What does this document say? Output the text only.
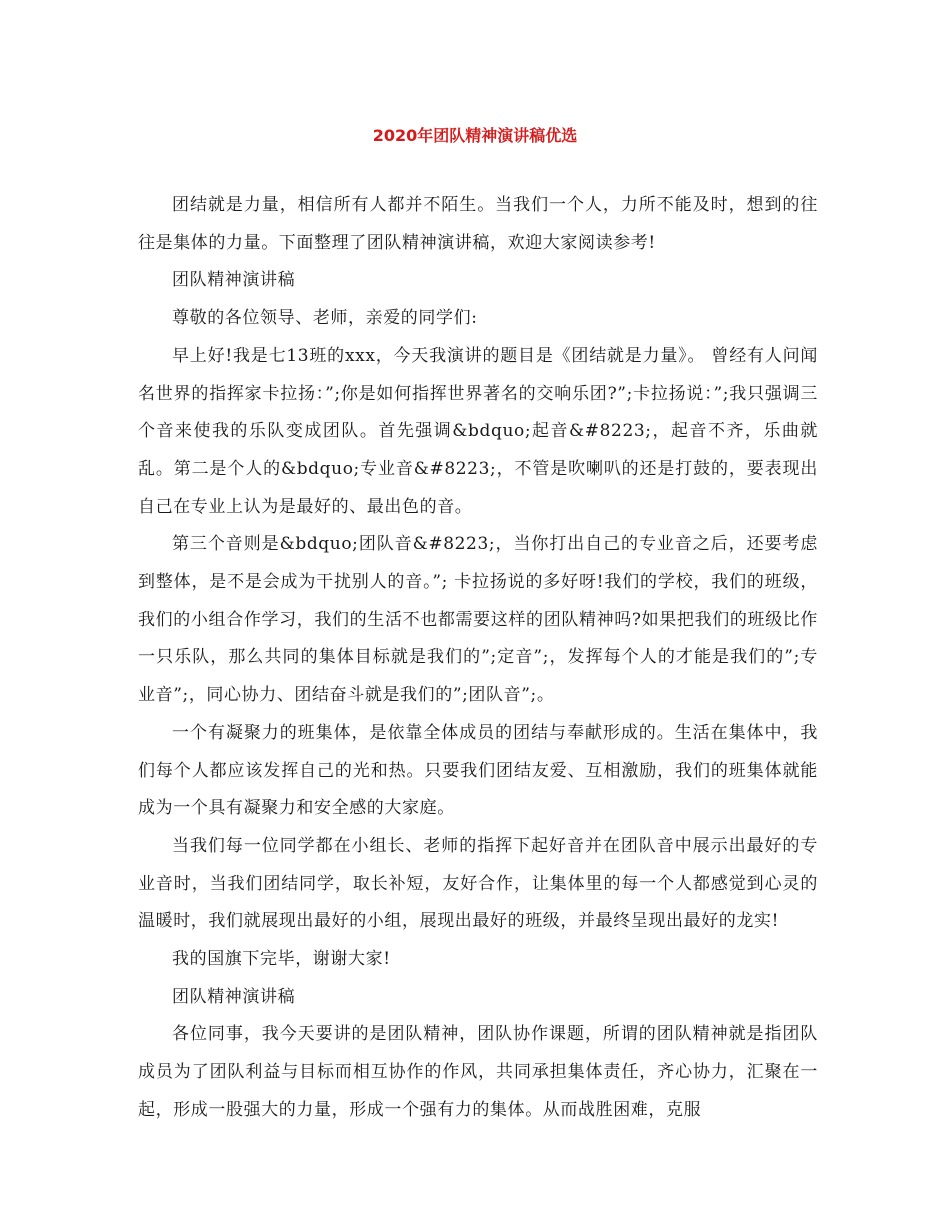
2020年团队精神演讲稿优选

团结就是力量，相信所有人都并不陌生。当我们一个人，力所不能及时，想到的往往是集体的力量。下面整理了团队精神演讲稿，欢迎大家阅读参考!

团队精神演讲稿

尊敬的各位领导、老师，亲爱的同学们:

早上好!我是七13班的xxx，今天我演讲的题目是《团结就是力量》。 曾经有人问闻名世界的指挥家卡拉扬：”;你是如何指挥世界著名的交响乐团?”;卡拉扬说：”;我只强调三个音来使我的乐队变成团队。首先强调&bdquo;起音&#8223;，起音不齐，乐曲就乱。第二是个人的&bdquo;专业音&#8223;，不管是吹喇叭的还是打鼓的，要表现出自己在专业上认为是最好的、最出色的音。

第三个音则是&bdquo;团队音&#8223;，当你打出自己的专业音之后，还要考虑到整体，是不是会成为干扰别人的音。”; 卡拉扬说的多好呀!我们的学校，我们的班级，我们的小组合作学习，我们的生活不也都需要这样的团队精神吗?如果把我们的班级比作一只乐队，那么共同的集体目标就是我们的”;定音”;，发挥每个人的才能是我们的”;专业音”;，同心协力、团结奋斗就是我们的”;团队音”;。

一个有凝聚力的班集体，是依靠全体成员的团结与奉献形成的。生活在集体中，我们每个人都应该发挥自己的光和热。只要我们团结友爱、互相激励，我们的班集体就能成为一个具有凝聚力和安全感的大家庭。

当我们每一位同学都在小组长、老师的指挥下起好音并在团队音中展示出最好的专业音时，当我们团结同学，取长补短，友好合作，让集体里的每一个人都感觉到心灵的温暖时，我们就展现出最好的小组，展现出最好的班级，并最终呈现出最好的龙实!

我的国旗下完毕，谢谢大家!

团队精神演讲稿

各位同事，我今天要讲的是团队精神，团队协作课题，所谓的团队精神就是指团队成员为了团队利益与目标而相互协作的作风，共同承担集体责任，齐心协力，汇聚在一起，形成一股强大的力量，形成一个强有力的集体。从而战胜困难，克服
